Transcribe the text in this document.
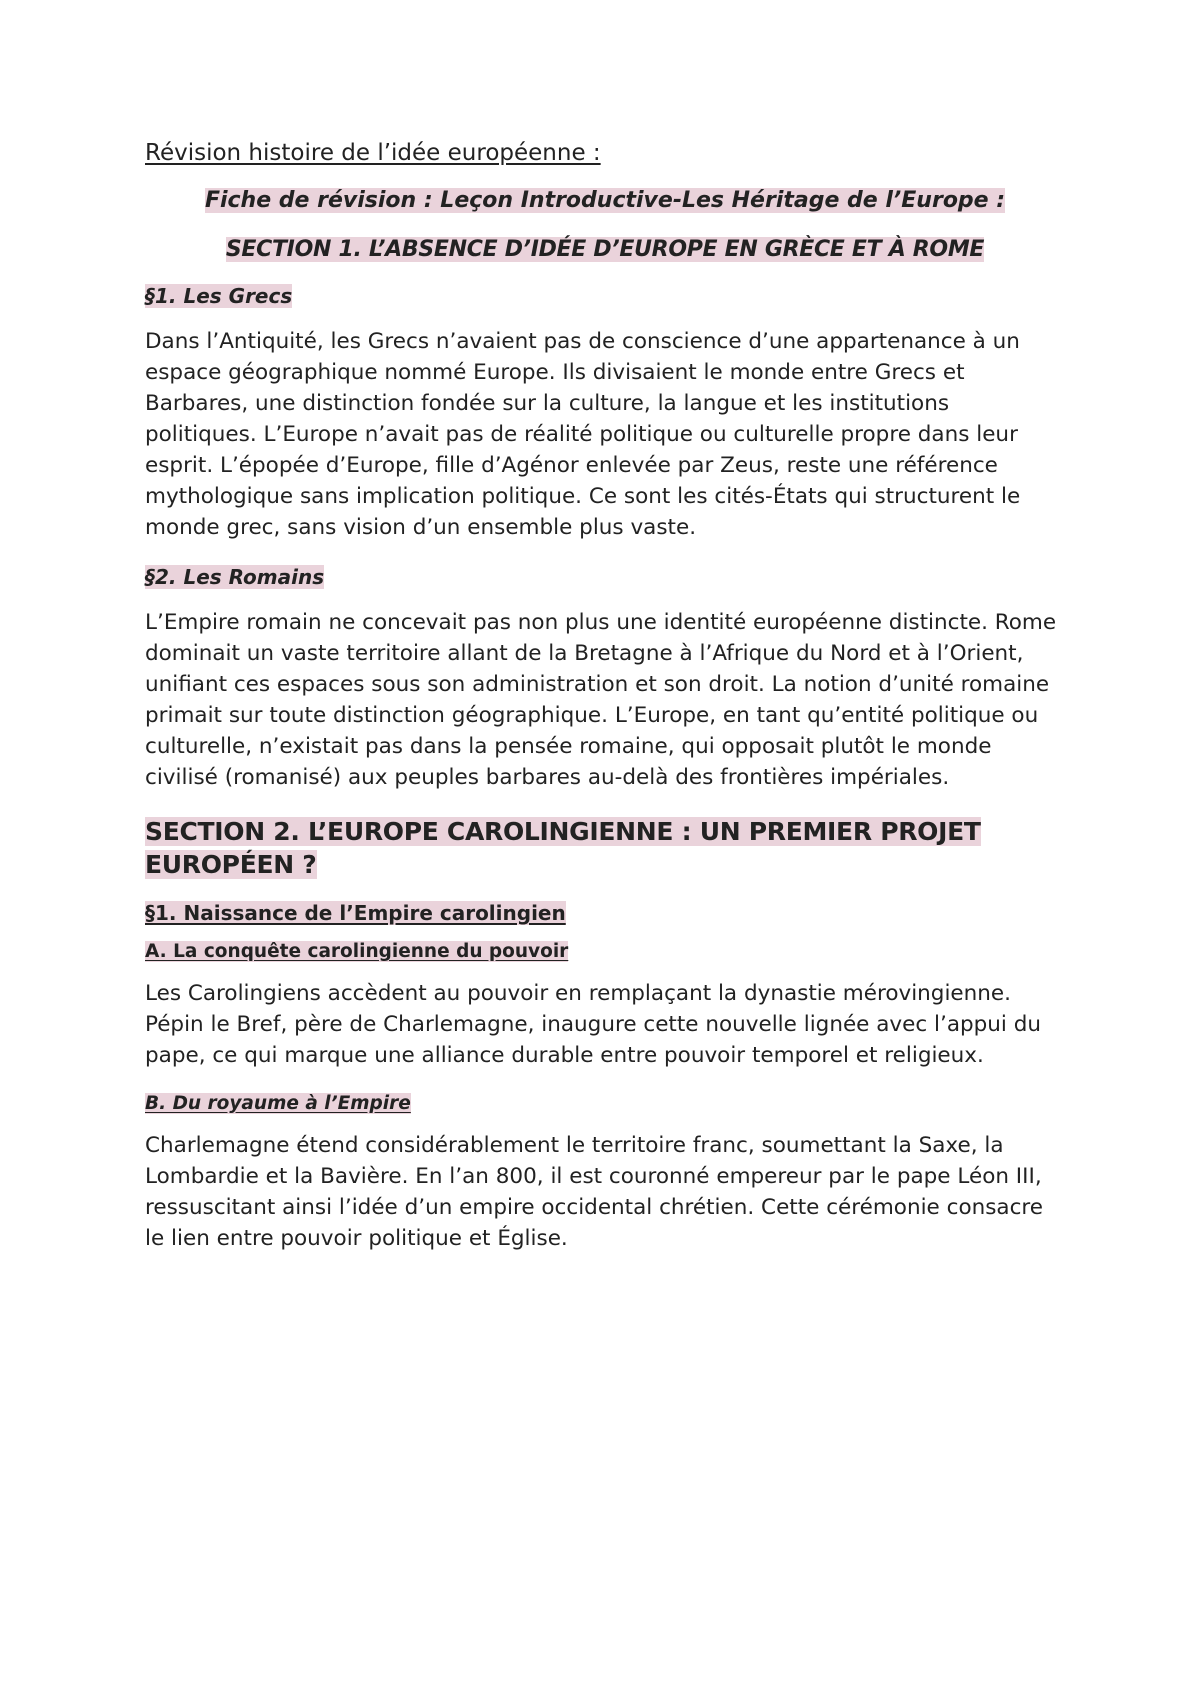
Révision histoire de l’idée européenne :

Fiche de révision : Leçon Introductive-Les Héritage de l’Europe :

SECTION 1. L’ABSENCE D’IDÉE D’EUROPE EN GRÈCE ET À ROME

§1. Les Grecs

Dans l’Antiquité, les Grecs n’avaient pas de conscience d’une appartenance à un espace géographique nommé Europe. Ils divisaient le monde entre Grecs et Barbares, une distinction fondée sur la culture, la langue et les institutions politiques. L’Europe n’avait pas de réalité politique ou culturelle propre dans leur esprit. L’épopée d’Europe, fille d’Agénor enlevée par Zeus, reste une référence mythologique sans implication politique. Ce sont les cités-États qui structurent le monde grec, sans vision d’un ensemble plus vaste.

§2. Les Romains

L’Empire romain ne concevait pas non plus une identité européenne distincte. Rome dominait un vaste territoire allant de la Bretagne à l’Afrique du Nord et à l’Orient, unifiant ces espaces sous son administration et son droit. La notion d’unité romaine primait sur toute distinction géographique. L’Europe, en tant qu’entité politique ou culturelle, n’existait pas dans la pensée romaine, qui opposait plutôt le monde civilisé (romanisé) aux peuples barbares au-delà des frontières impériales.

SECTION 2. L’EUROPE CAROLINGIENNE : UN PREMIER PROJET EUROPÉEN ?

§1. Naissance de l’Empire carolingien

A. La conquête carolingienne du pouvoir

Les Carolingiens accèdent au pouvoir en remplaçant la dynastie mérovingienne. Pépin le Bref, père de Charlemagne, inaugure cette nouvelle lignée avec l’appui du pape, ce qui marque une alliance durable entre pouvoir temporel et religieux.

B. Du royaume à l’Empire

Charlemagne étend considérablement le territoire franc, soumettant la Saxe, la Lombardie et la Bavière. En l’an 800, il est couronné empereur par le pape Léon III, ressuscitant ainsi l’idée d’un empire occidental chrétien. Cette cérémonie consacre le lien entre pouvoir politique et Église.
